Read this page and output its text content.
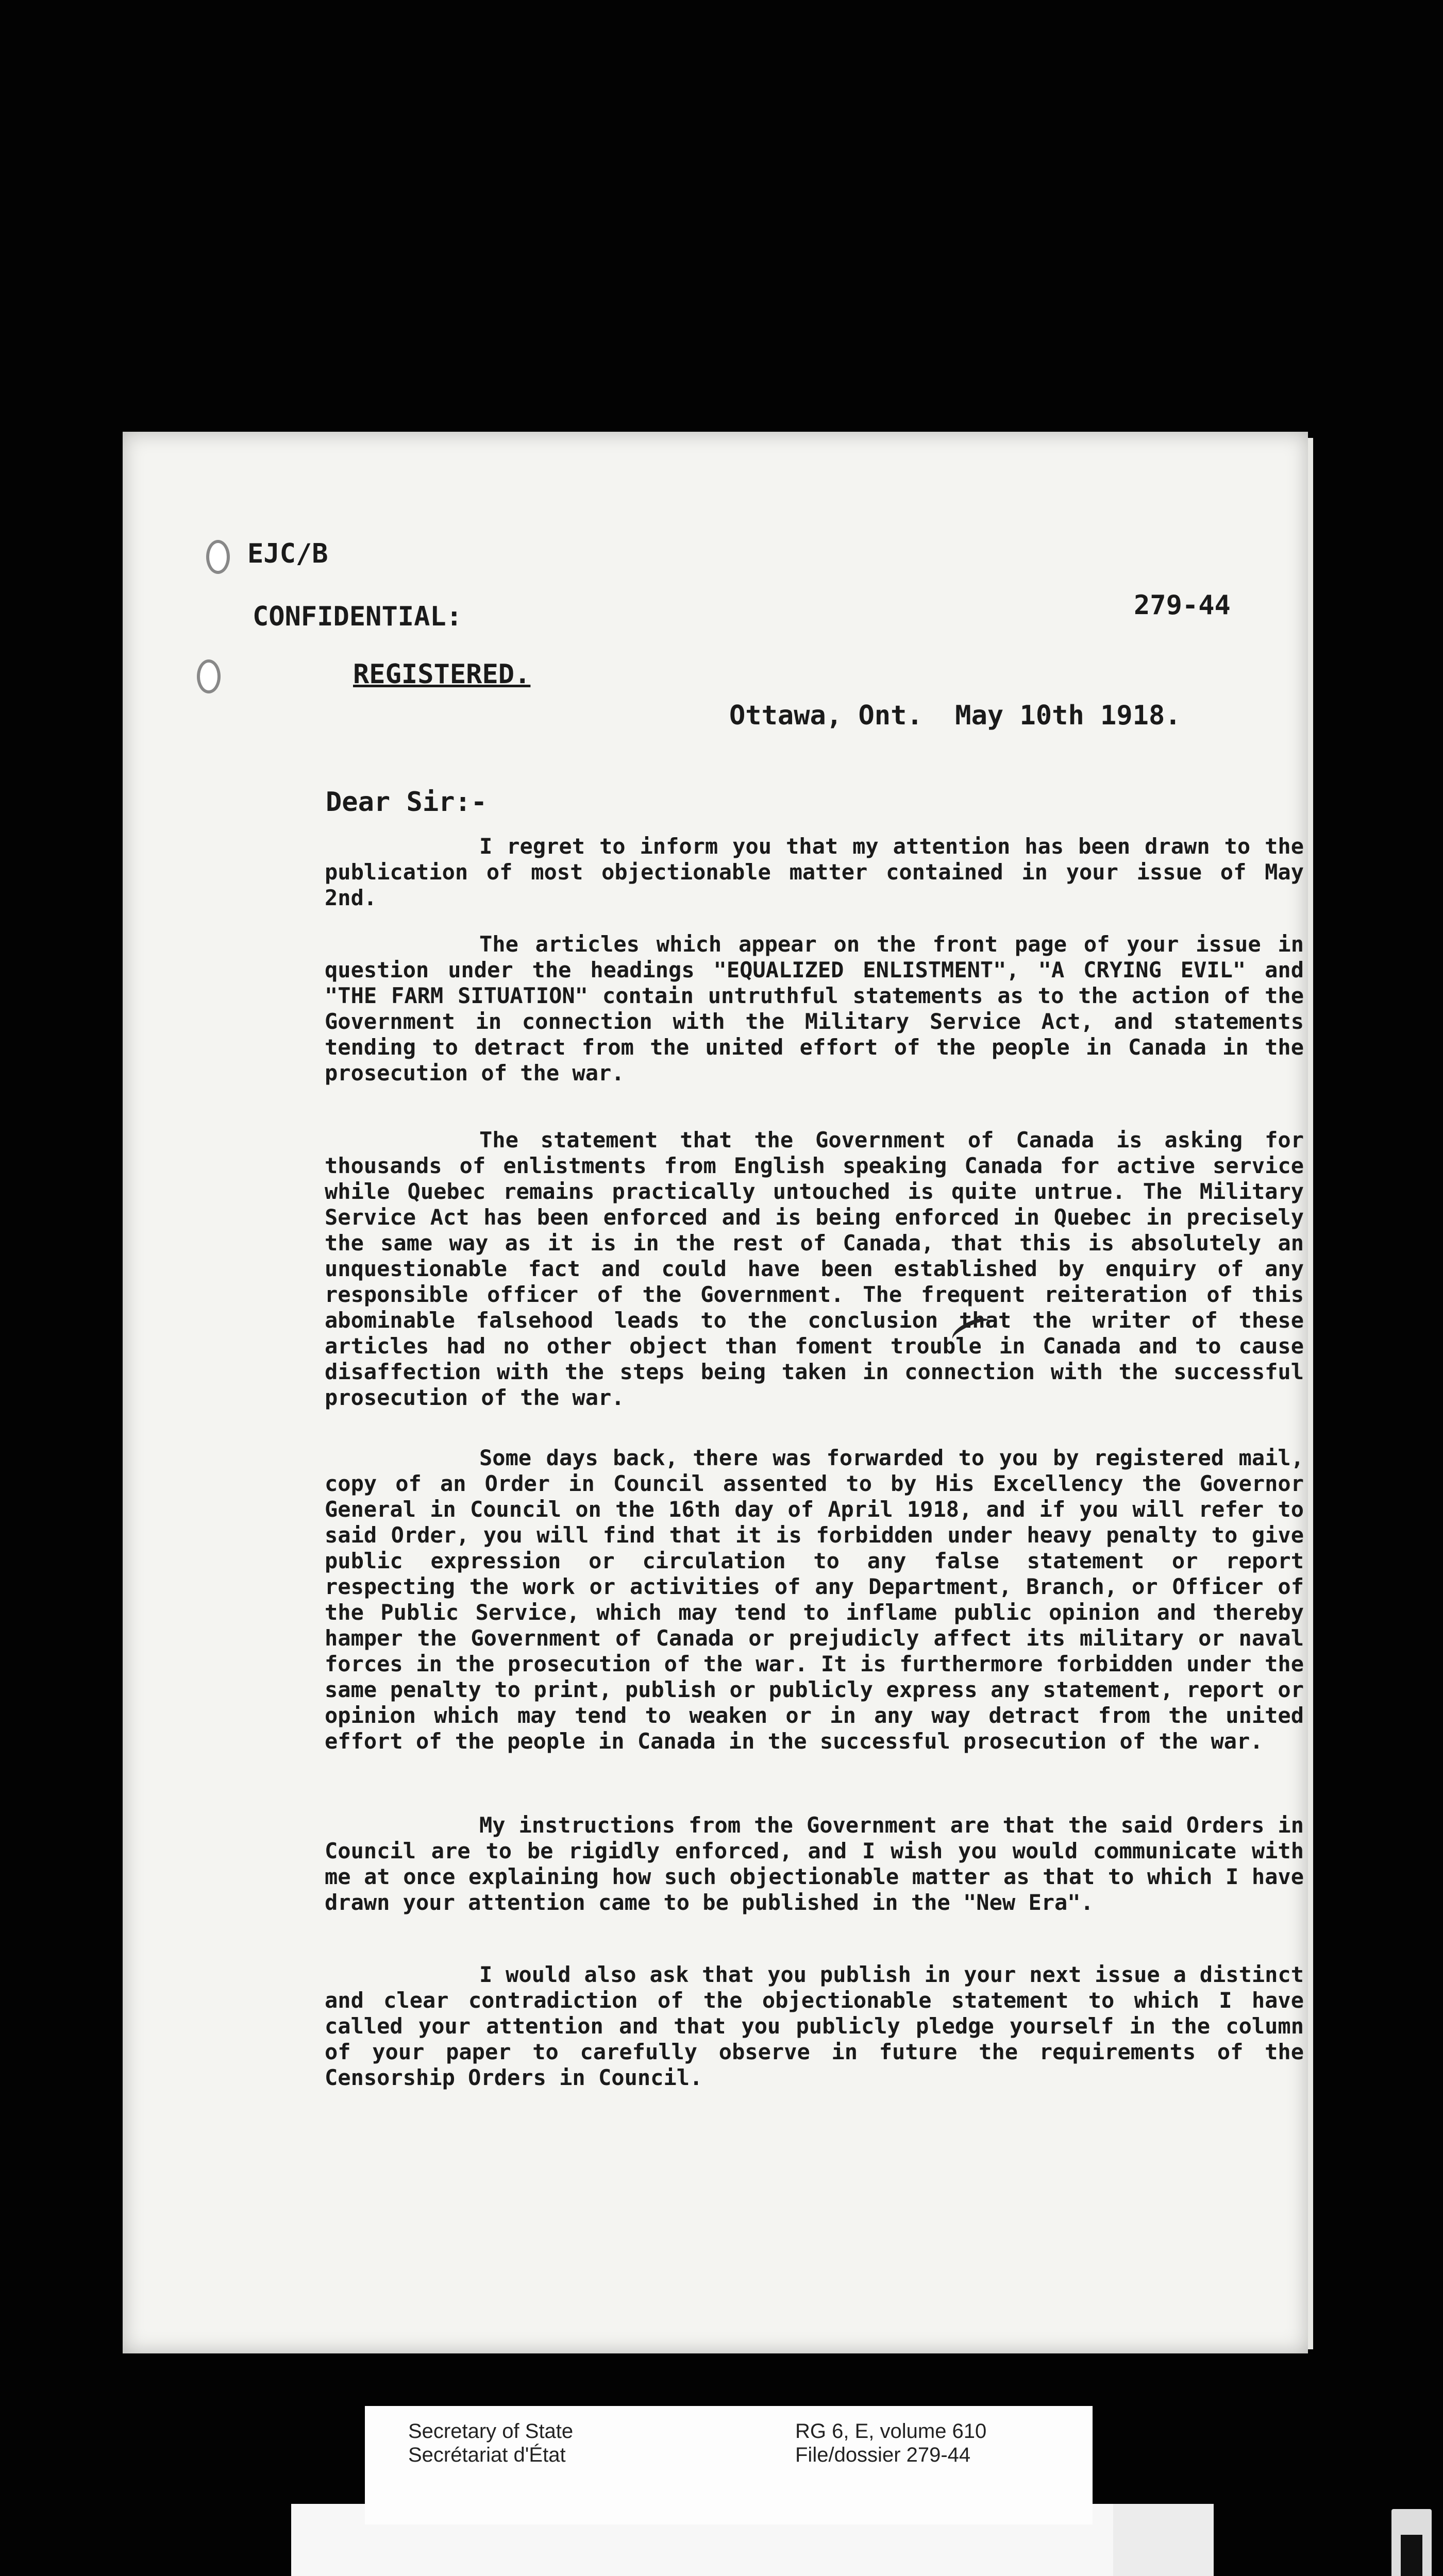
EJC/B
CONFIDENTIAL:	279-44
REGISTERED.
Ottawa, Ont.  May 10th 1918.
Dear Sir:-

I regret to inform you that my attention has been drawn to the publication of most objectionable matter contained in your issue of May 2nd.

The articles which appear on the front page of your issue in question under the headings "EQUALIZED ENLISTMENT", "A CRYING EVIL" and "THE FARM SITUATION" contain untruthful statements as to the action of the Government in connection with the Military Service Act, and statements tending to detract from the united effort of the people in Canada in the prosecution of the war.

The statement that the Government of Canada is asking for thousands of enlistments from English speaking Canada for active service while Quebec remains practically untouched is quite untrue. The Military Service Act has been enforced and is being enforced in Quebec in precisely the same way as it is in the rest of Canada, that this is absolutely an unquestionable fact and could have been established by enquiry of any responsible officer of the Government. The frequent reiteration of this abominable falsehood leads to the conclusion that the writer of these articles had no other object than foment trouble in Canada and to cause disaffection with the steps being taken in connection with the successful prosecution of the war.

Some days back, there was forwarded to you by registered mail, copy of an Order in Council assented to by His Excellency the Governor General in Council on the 16th day of April 1918, and if you will refer to said Order, you will find that it is forbidden under heavy penalty to give public expression or circulation to any false statement or report respecting the work or activities of any Department, Branch, or Officer of the Public Service, which may tend to inflame public opinion and thereby hamper the Government of Canada or prejudicly affect its military or naval forces in the prosecution of the war. It is furthermore forbidden under the same penalty to print, publish or publicly express any statement, report or opinion which may tend to weaken or in any way detract from the united effort of the people in Canada in the successful prosecution of the war.

My instructions from the Government are that the said Orders in Council are to be rigidly enforced, and I wish you would communicate with me at once explaining how such objectionable matter as that to which I have drawn your attention came to be published in the "New Era".

I would also ask that you publish in your next issue a distinct and clear contradiction of the objectionable statement to which I have called your attention and that you publicly pledge yourself in the column of your paper to carefully observe in future the requirements of the Censorship Orders in Council.

Secretary of State
Secrétariat d'État
RG 6, E, volume 610
File/dossier 279-44
